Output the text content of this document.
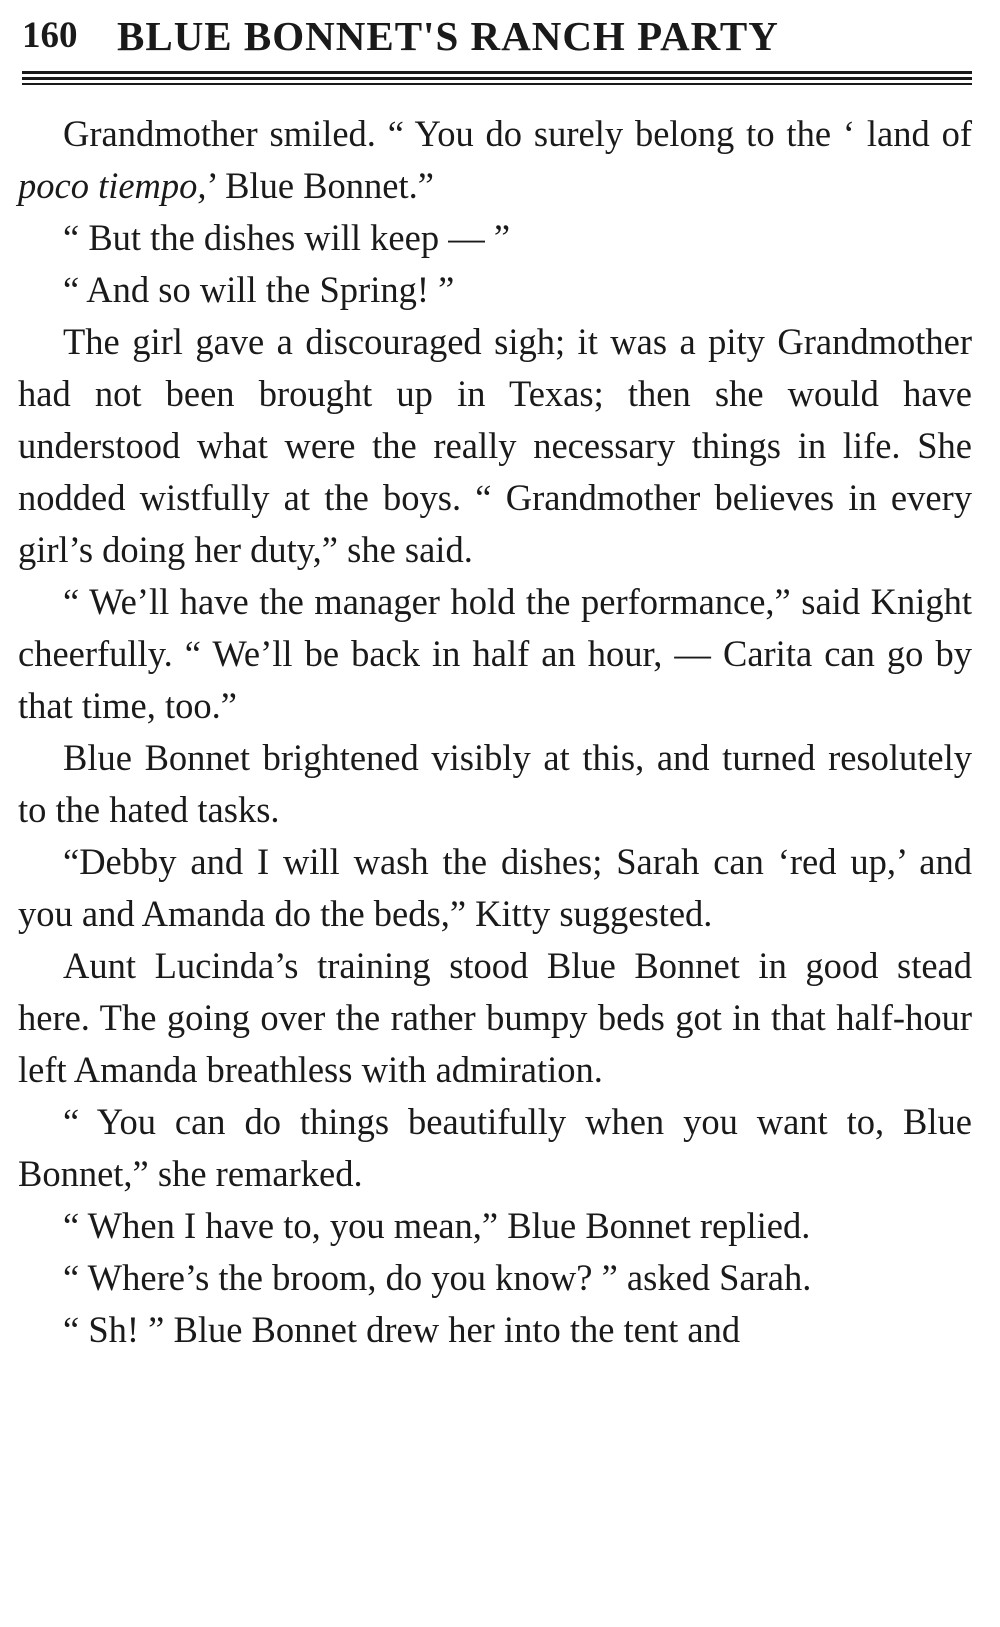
160 BLUE BONNET'S RANCH PARTY

Grandmother smiled. “ You do surely belong to the ‘ land of poco tiempo,’ Blue Bonnet.”

“ But the dishes will keep — ”

“ And so will the Spring! ”

The girl gave a discouraged sigh; it was a pity Grandmother had not been brought up in Texas; then she would have understood what were the really necessary things in life. She nodded wistfully at the boys. “ Grandmother believes in every girl’s doing her duty,” she said.

“ We’ll have the manager hold the performance,” said Knight cheerfully. “ We’ll be back in half an hour, — Carita can go by that time, too.”

Blue Bonnet brightened visibly at this, and turned resolutely to the hated tasks.

“Debby and I will wash the dishes; Sarah can ‘red up,’ and you and Amanda do the beds,” Kitty suggested.

Aunt Lucinda’s training stood Blue Bonnet in good stead here. The going over the rather bumpy beds got in that half-hour left Amanda breathless with admiration.

“ You can do things beautifully when you want to, Blue Bonnet,” she remarked.

“ When I have to, you mean,” Blue Bonnet replied.

“ Where’s the broom, do you know? ” asked Sarah.

“ Sh! ” Blue Bonnet drew her into the tent and
